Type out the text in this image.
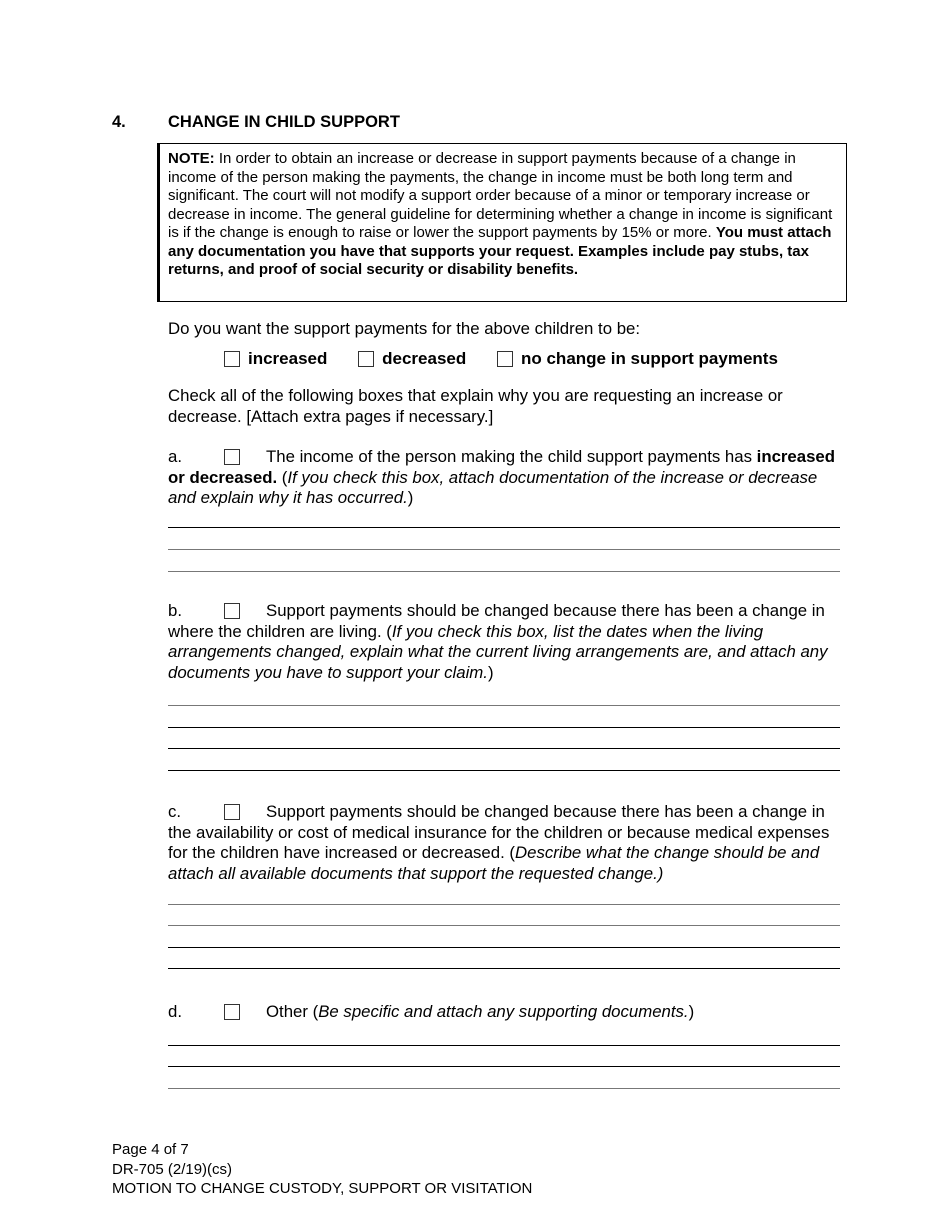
4.	CHANGE IN CHILD SUPPORT
NOTE: In order to obtain an increase or decrease in support payments because of a change in income of the person making the payments, the change in income must be both long term and significant. The court will not modify a support order because of a minor or temporary increase or decrease in income. The general guideline for determining whether a change in income is significant is if the change is enough to raise or lower the support payments by 15% or more. You must attach any documentation you have that supports your request. Examples include pay stubs, tax returns, and proof of social security or disability benefits.
Do you want the support payments for the above children to be:
increased	decreased	no change in support payments
Check all of the following boxes that explain why you are requesting an increase or decrease. [Attach extra pages if necessary.]
a.	The income of the person making the child support payments has increased or decreased. (If you check this box, attach documentation of the increase or decrease and explain why it has occurred.)
b.	Support payments should be changed because there has been a change in where the children are living. (If you check this box, list the dates when the living arrangements changed, explain what the current living arrangements are, and attach any documents you have to support your claim.)
c.	Support payments should be changed because there has been a change in the availability or cost of medical insurance for the children or because medical expenses for the children have increased or decreased. (Describe what the change should be and attach all available documents that support the requested change.)
d.	Other (Be specific and attach any supporting documents.)
Page 4 of 7
DR-705 (2/19)(cs)
MOTION TO CHANGE CUSTODY, SUPPORT OR VISITATION
